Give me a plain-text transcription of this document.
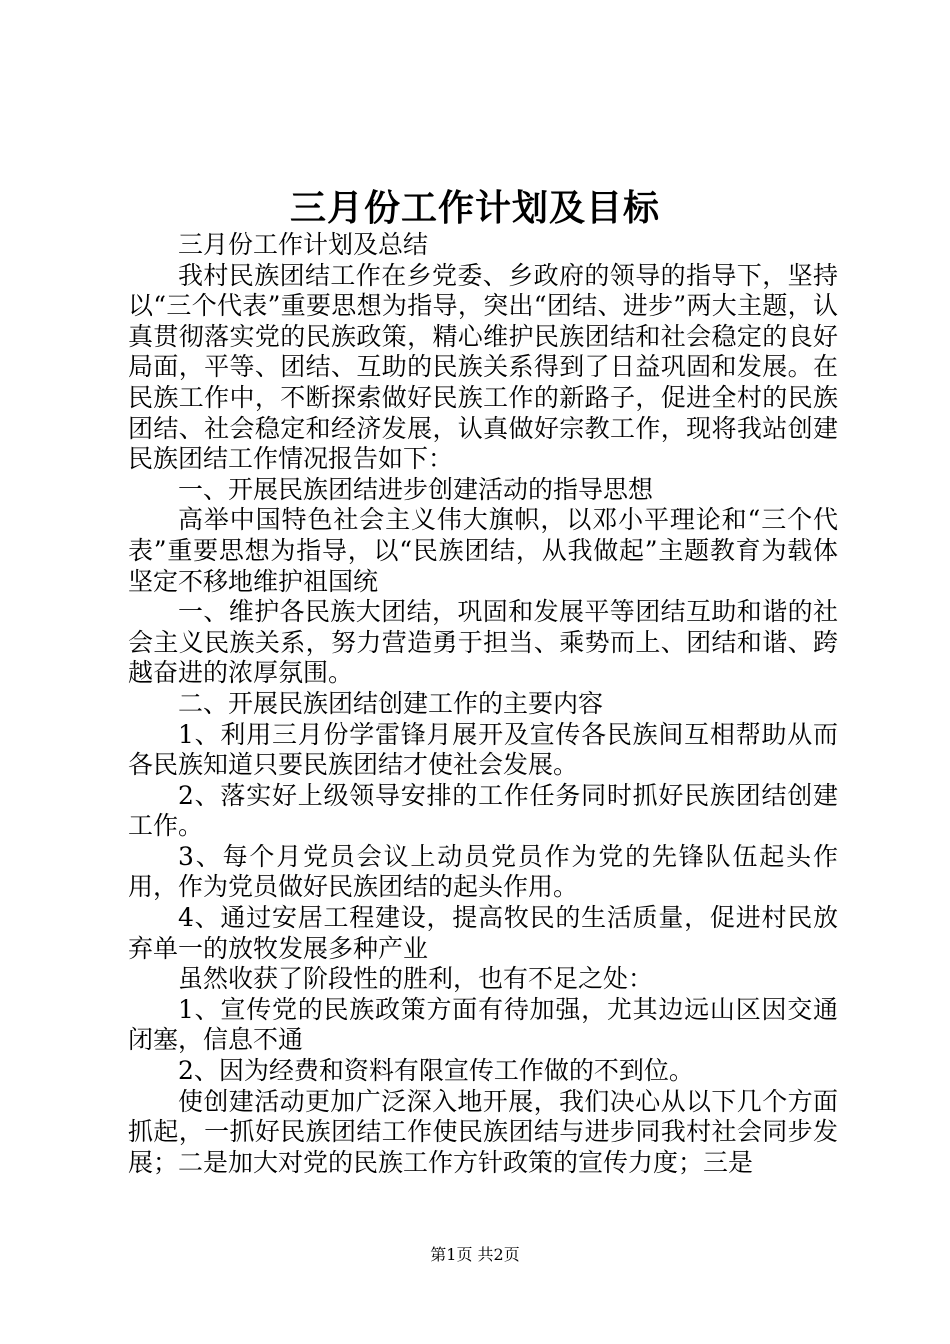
三月份工作计划及目标

三月份工作计划及总结

我村民族团结工作在乡党委、乡政府的领导的指导下，坚持以“三个代表”重要思想为指导，突出“团结、进步”两大主题，认真贯彻落实党的民族政策，精心维护民族团结和社会稳定的良好局面，平等、团结、互助的民族关系得到了日益巩固和发展。在民族工作中，不断探索做好民族工作的新路子，促进全村的民族团结、社会稳定和经济发展，认真做好宗教工作，现将我站创建民族团结工作情况报告如下：

一、开展民族团结进步创建活动的指导思想

高举中国特色社会主义伟大旗帜，以邓小平理论和“三个代表”重要思想为指导，以“民族团结，从我做起”主题教育为载体坚定不移地维护祖国统

一、维护各民族大团结，巩固和发展平等团结互助和谐的社会主义民族关系，努力营造勇于担当、乘势而上、团结和谐、跨越奋进的浓厚氛围。

二、开展民族团结创建工作的主要内容

1、利用三月份学雷锋月展开及宣传各民族间互相帮助从而各民族知道只要民族团结才使社会发展。

2、落实好上级领导安排的工作任务同时抓好民族团结创建工作。

3、每个月党员会议上动员党员作为党的先锋队伍起头作用，作为党员做好民族团结的起头作用。

4、通过安居工程建设，提高牧民的生活质量，促进村民放弃单一的放牧发展多种产业

虽然收获了阶段性的胜利，也有不足之处：

1、宣传党的民族政策方面有待加强，尤其边远山区因交通闭塞，信息不通

2、因为经费和资料有限宣传工作做的不到位。

使创建活动更加广泛深入地开展，我们决心从以下几个方面抓起，一抓好民族团结工作使民族团结与进步同我村社会同步发展；二是加大对党的民族工作方针政策的宣传力度；三是

第1页 共2页
